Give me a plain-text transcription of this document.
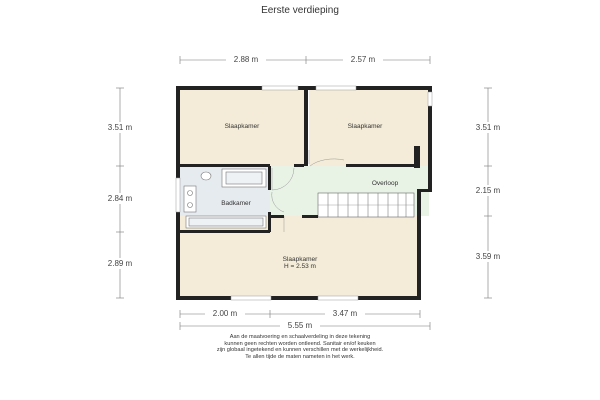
Eerste verdieping
2.88 m	2.57 m
3.51 m
2.84 m
2.89 m
3.51 m
2.15 m
3.59 m
2.00 m	3.47 m
5.55 m
Slaapkamer	Slaapkamer
Overloop
Badkamer
Slaapkamer
H = 2.53 m
Aan de maatvoering en schaalverdeling in deze tekening
kunnen geen rechten worden ontleend. Sanitair en/of keuken
zijn globaal ingetekend en kunnen verschillen met de werkelijkheid.
Te allen tijde de maten nameten in het werk.
